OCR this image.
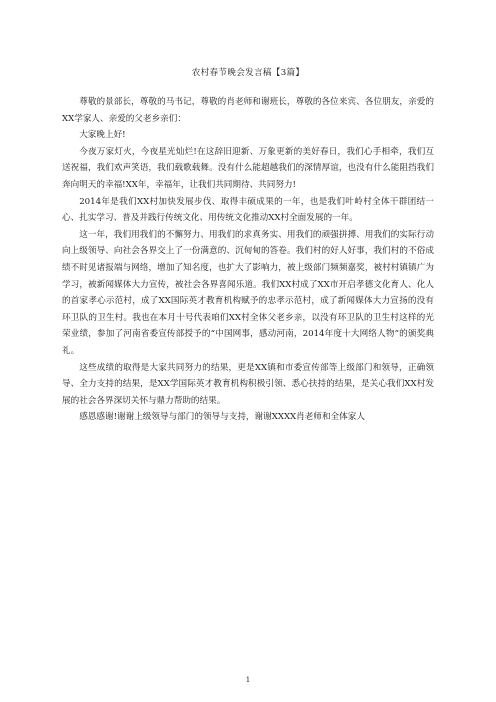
农村春节晚会发言稿【3篇】

尊敬的景部长，尊敬的马书记，尊敬的肖老师和谢班长，尊敬的各位来宾、各位朋友，亲爱的XX学家人、亲爱的父老乡亲们：

大家晚上好!

今夜万家灯火，今夜星光灿烂!在这辞旧迎新、万象更新的美好春日，我们心手相牵，我们互送祝福，我们欢声笑语，我们载歌载舞。没有什么能超越我们的深情厚谊，也没有什么能阻挡我们奔向明天的幸福!XX年，幸福年，让我们共同期待、共同努力!

2014年是我们XX村加快发展步伐、取得丰硕成果的一年，也是我们叶岭村全体干群团结一心、扎实学习、普及并践行传统文化、用传统文化推动XX村全面发展的一年。

这一年，我们用我们的不懈努力、用我们的求真务实、用我们的顽强拼搏、用我们的实际行动向上级领导、向社会各界交上了一份满意的、沉甸甸的答卷。我们村的好人好事，我们村的不俗成绩不时见诸报端与网络，增加了知名度，也扩大了影响力，被上级部门频频嘉奖，被村村镇镇广为学习，被新闻媒体大力宣传，被社会各界喜闻乐道。我们XX村成了XX市开启孝德文化育人、化人的首家孝心示范村，成了XX国际英才教育机构赋予的忠孝示范村，成了新闻媒体大力宣扬的没有环卫队的卫生村。我也在本月十号代表咱们XX村全体父老乡亲，以没有环卫队的卫生村这样的光荣业绩，参加了河南省委宣传部授予的“中国网事，感动河南，2014年度十大网络人物”的颁奖典礼。

这些成绩的取得是大家共同努力的结果，更是XX镇和市委宣传部等上级部门和领导，正确领导、全力支持的结果，是XX学国际英才教育机构积极引领、悉心扶持的结果，是关心我们XX村发展的社会各界深切关怀与鼎力帮助的结果。

感恩感谢!谢谢上级领导与部门的领导与支持，谢谢XXXX肖老师和全体家人

1
